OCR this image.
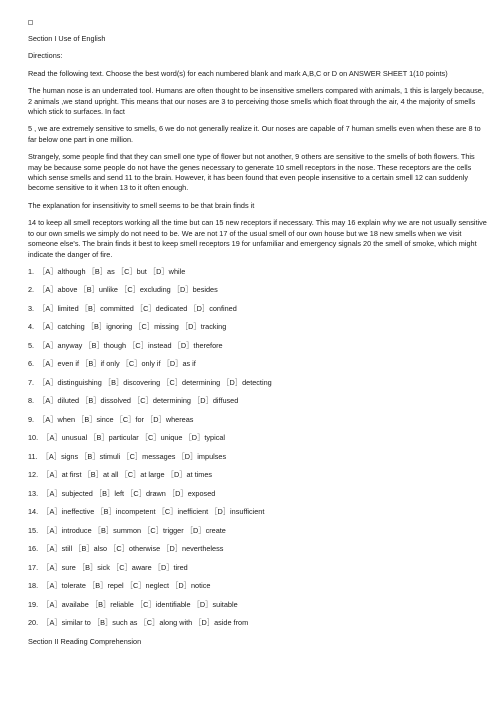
Section I Use of English

Directions:

Read the following text. Choose the best word(s) for each numbered blank and mark A,B,C or D on ANSWER SHEET 1(10 points)

The human nose is an underrated tool. Humans are often thought to be insensitive smellers compared with animals, 1 this is largely because, 2 animals ,we stand upright. This means that our noses are 3 to perceiving those smells which float through the air, 4 the majority of smells which stick to surfaces. In fact

5 , we are extremely sensitive to smells, 6 we do not generally realize it. Our noses are capable of 7 human smells even when these are 8 to far below one part in one million.

Strangely, some people find that they can smell one type of flower but not another, 9 others are sensitive to the smells of both flowers. This may be because some people do not have the genes necessary to generate 10 smell receptors in the nose. These receptors are the cells which sense smells and send 11 to the brain. However, it has been found that even people insensitive to a certain smell 12 can suddenly become sensitive to it when 13 to it often enough.

The explanation for insensitivity to smell seems to be that brain finds it

14 to keep all smell receptors working all the time but can 15 new receptors if necessary. This may 16 explain why we are not usually sensitive to our own smells we simply do not need to be. We are not 17 of the usual smell of our own house but we 18 new smells when we visit someone else's. The brain finds it best to keep smell receptors 19 for unfamiliar and emergency signals 20 the smell of smoke, which might indicate the danger of fire.

1. ［A］although ［B］as ［C］but ［D］while

2. ［A］above ［B］unlike ［C］excluding ［D］besides

3. ［A］limited ［B］committed ［C］dedicated ［D］confined

4. ［A］catching ［B］ignoring ［C］missing ［D］tracking

5. ［A］anyway ［B］though ［C］instead ［D］therefore

6. ［A］even if ［B］if only ［C］only if ［D］as if

7. ［A］distinguishing ［B］discovering ［C］determining ［D］detecting

8. ［A］diluted ［B］dissolved ［C］determining ［D］diffused

9. ［A］when ［B］since ［C］for ［D］whereas

10. ［A］unusual ［B］particular ［C］unique ［D］typical

11. ［A］signs ［B］stimuli ［C］messages ［D］impulses

12. ［A］at first ［B］at all ［C］at large ［D］at times

13. ［A］subjected ［B］left ［C］drawn ［D］exposed

14. ［A］ineffective ［B］incompetent ［C］inefficient ［D］insufficient

15. ［A］introduce ［B］summon ［C］trigger ［D］create

16. ［A］still ［B］also ［C］otherwise ［D］nevertheless

17. ［A］sure ［B］sick ［C］aware ［D］tired

18. ［A］tolerate ［B］repel ［C］neglect ［D］notice

19. ［A］availabe ［B］reliable ［C］identifiable ［D］suitable

20. ［A］similar to ［B］such as ［C］along with ［D］aside from

Section II Reading Comprehension
